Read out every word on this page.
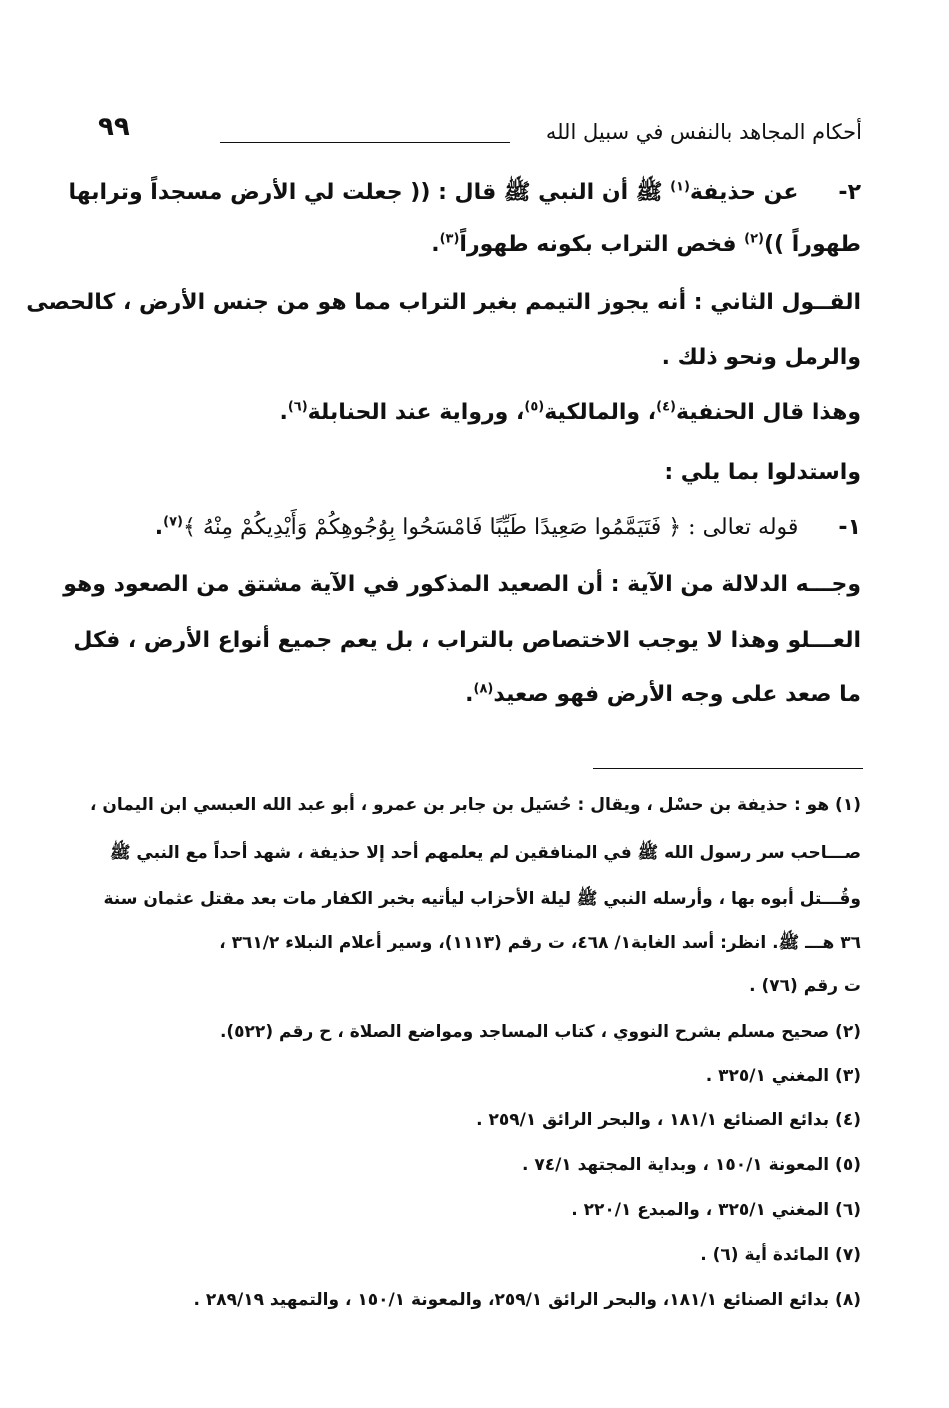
٩٩	أحكام المجاهد بالنفس في سبيل الله
٢-عن حذيفة$^{(١)}$ ﷺ أن النبي ﷺ قال : (( جعلت لي الأرض مسجداً وترابها
طهوراً ))$^{(٢)}$ فخص التراب بكونه طهوراً$^{(٣)}$.
القــول الثاني : أنه يجوز التيمم بغير التراب مما هو من جنس الأرض ، كالحصى
والرمل ونحو ذلك .
وهذا قال الحنفية$^{(٤)}$، والمالكية$^{(٥)}$، ورواية عند الحنابلة$^{(٦)}$.
واستدلوا بما يلي :
١-قوله تعالى : ﴿ فَتَيَمَّمُوا صَعِيدًا طَيِّبًا فَامْسَحُوا بِوُجُوهِكُمْ وَأَيْدِيكُمْ مِنْهُ ﴾$^{(٧)}$.
وجـــه الدلالة من الآية : أن الصعيد المذكور في الآية مشتق من الصعود وهو
العـــلو وهذا لا يوجب الاختصاص بالتراب ، بل يعم جميع أنواع الأرض ، فكل
ما صعد على وجه الأرض فهو صعيد$^{(٨)}$.
(١) هو : حذيفة بن حسْل ، ويقال : حُسَيل بن جابر بن عمرو ، أبو عبد الله العبسي ابن اليمان ،
صـــاحب سر رسول الله ﷺ في المنافقين لم يعلمهم أحد إلا حذيفة ، شهد أحداً مع النبي ﷺ
وقُـــتل أبوه بها ، وأرسله النبي ﷺ ليلة الأحزاب ليأتيه بخبر الكفار مات بعد مقتل عثمان سنة
٣٦ هـــ ﷺ. انظر: أسد الغابة١/ ٤٦٨، ت رقم (١١١٣)، وسير أعلام النبلاء ٣٦١/٢ ،
ت رقم (٧٦) .
(٢) صحيح مسلم بشرح النووي ، كتاب المساجد ومواضع الصلاة ، ح رقم (٥٢٢).
(٣) المغني ٣٢٥/١ .
(٤) بدائع الصنائع ١٨١/١ ، والبحر الرائق ٢٥٩/١ .
(٥) المعونة ١٥٠/١ ، وبداية المجتهد ٧٤/١ .
(٦) المغني ٣٢٥/١ ، والمبدع ٢٢٠/١ .
(٧) المائدة أية (٦) .
(٨) بدائع الصنائع ١٨١/١، والبحر الرائق ٢٥٩/١، والمعونة ١٥٠/١ ، والتمهيد ٢٨٩/١٩ .
